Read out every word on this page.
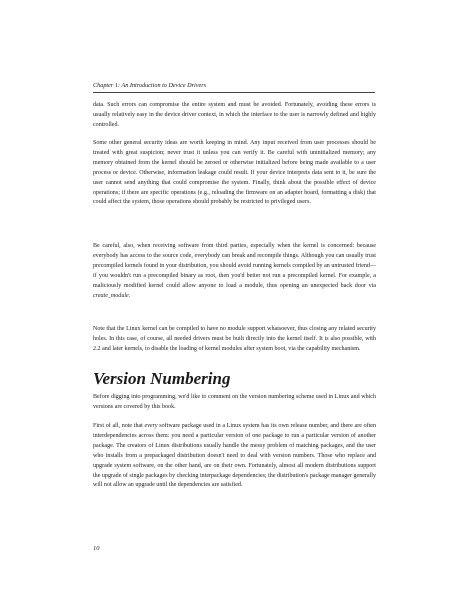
Chapter 1: An Introduction to Device Drivers

data. Such errors can compromise the entire system and must be avoided. Fortunately, avoiding these errors is usually relatively easy in the device driver context, in which the interface to the user is narrowly defined and highly controlled.

Some other general security ideas are worth keeping in mind. Any input received from user processes should be treated with great suspicion; never trust it unless you can verify it. Be careful with uninitialized memory; any memory obtained from the kernel should be zeroed or otherwise initialized before being made available to a user process or device. Otherwise, information leakage could result. If your device interprets data sent to it, be sure the user cannot send anything that could compromise the system. Finally, think about the possible effect of device operations; if there are specific operations (e.g., reloading the firmware on an adapter board, formatting a disk) that could affect the system, those operations should probably be restricted to privileged users.

Be careful, also, when receiving software from third parties, especially when the kernel is concerned: because everybody has access to the source code, everybody can break and recompile things. Although you can usually trust precompiled kernels found in your distribution, you should avoid running kernels compiled by an untrusted friend—if you wouldn't run a precompiled binary as root, then you'd better not run a precompiled kernel. For example, a maliciously modified kernel could allow anyone to load a module, thus opening an unexpected back door via create_module.

Note that the Linux kernel can be compiled to have no module support whatsoever, thus closing any related security holes. In this case, of course, all needed drivers must be built directly into the kernel itself. It is also possible, with 2.2 and later kernels, to disable the loading of kernel modules after system boot, via the capability mechanism.

Version Numbering

Before digging into programming, we'd like to comment on the version numbering scheme used in Linux and which versions are covered by this book.

First of all, note that every software package used in a Linux system has its own release number, and there are often interdependencies across them: you need a particular version of one package to run a particular version of another package. The creators of Linux distributions usually handle the messy problem of matching packages, and the user who installs from a prepackaged distribution doesn't need to deal with version numbers. Those who replace and upgrade system software, on the other hand, are on their own. Fortunately, almost all modern distributions support the upgrade of single packages by checking interpackage dependencies; the distribution's package manager generally will not allow an upgrade until the dependencies are satisfied.

10
